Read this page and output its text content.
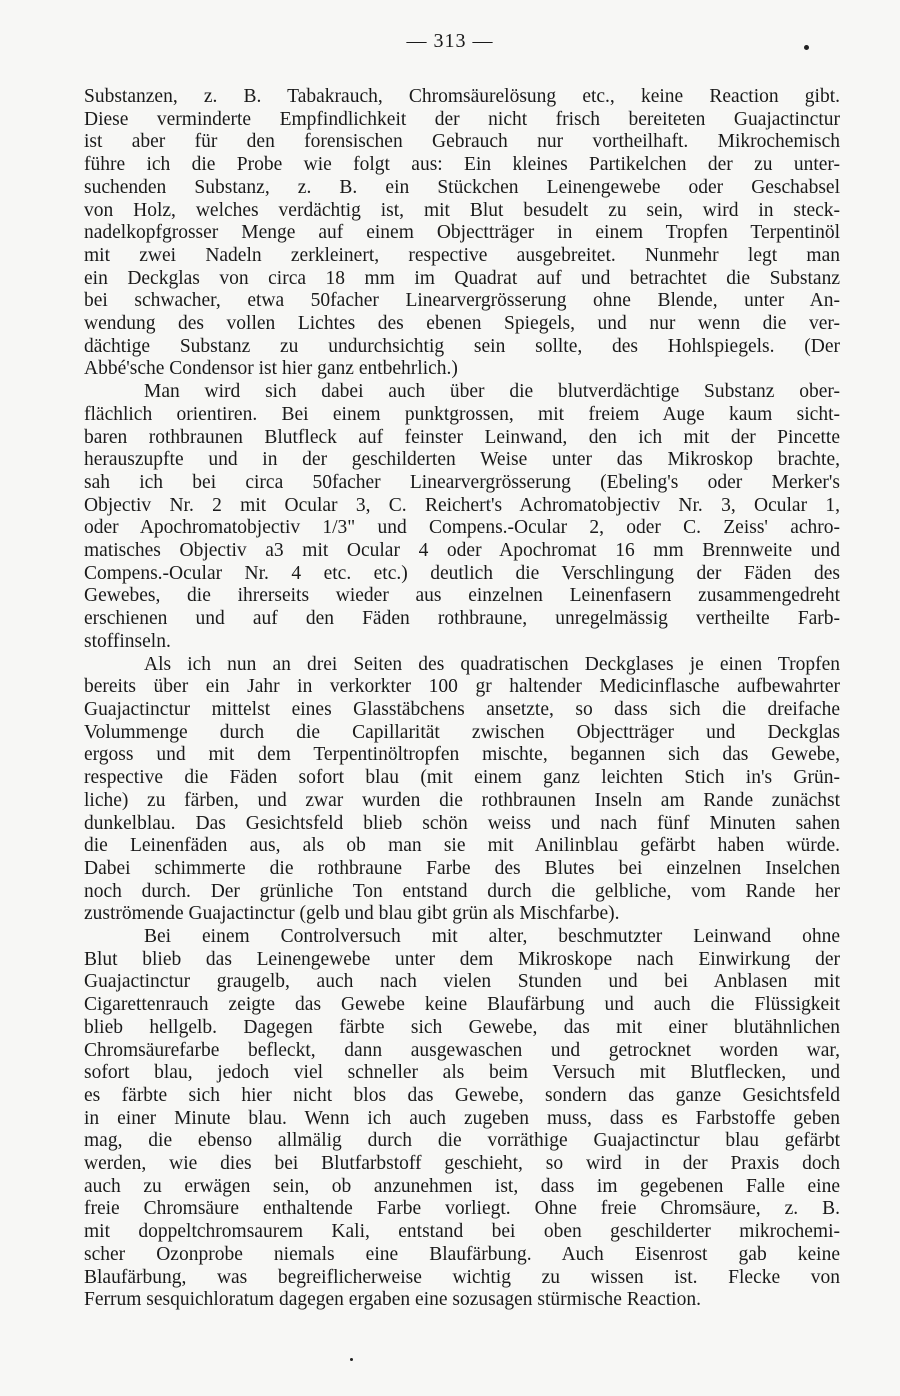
— 313 —
Substanzen, z. B. Tabakrauch, Chromsäurelösung etc., keine Reaction gibt.
Diese verminderte Empfindlichkeit der nicht frisch bereiteten Guajactinctur
ist aber für den forensischen Gebrauch nur vortheilhaft. Mikrochemisch
führe ich die Probe wie folgt aus: Ein kleines Partikelchen der zu unter-
suchenden Substanz, z. B. ein Stückchen Leinengewebe oder Geschabsel
von Holz, welches verdächtig ist, mit Blut besudelt zu sein, wird in steck-
nadelkopfgrosser Menge auf einem Objectträger in einem Tropfen Terpentinöl
mit zwei Nadeln zerkleinert, respective ausgebreitet. Nunmehr legt man
ein Deckglas von circa 18 mm im Quadrat auf und betrachtet die Substanz
bei schwacher, etwa 50facher Linearvergrösserung ohne Blende, unter An-
wendung des vollen Lichtes des ebenen Spiegels, und nur wenn die ver-
dächtige Substanz zu undurchsichtig sein sollte, des Hohlspiegels. (Der
Abbé'sche Condensor ist hier ganz entbehrlich.)
Man wird sich dabei auch über die blutverdächtige Substanz ober-
flächlich orientiren. Bei einem punktgrossen, mit freiem Auge kaum sicht-
baren rothbraunen Blutfleck auf feinster Leinwand, den ich mit der Pincette
herauszupfte und in der geschilderten Weise unter das Mikroskop brachte,
sah ich bei circa 50facher Linearvergrösserung (Ebeling's oder Merker's
Objectiv Nr. 2 mit Ocular 3, C. Reichert's Achromatobjectiv Nr. 3, Ocular 1,
oder Apochromatobjectiv 1/3" und Compens.-Ocular 2, oder C. Zeiss' achro-
matisches Objectiv a3 mit Ocular 4 oder Apochromat 16 mm Brennweite und
Compens.-Ocular Nr. 4 etc. etc.) deutlich die Verschlingung der Fäden des
Gewebes, die ihrerseits wieder aus einzelnen Leinenfasern zusammengedreht
erschienen und auf den Fäden rothbraune, unregelmässig vertheilte Farb-
stoffinseln.
Als ich nun an drei Seiten des quadratischen Deckglases je einen Tropfen
bereits über ein Jahr in verkorkter 100 gr haltender Medicinflasche aufbewahrter
Guajactinctur mittelst eines Glasstäbchens ansetzte, so dass sich die dreifache
Volummenge durch die Capillarität zwischen Objectträger und Deckglas
ergoss und mit dem Terpentinöltropfen mischte, begannen sich das Gewebe,
respective die Fäden sofort blau (mit einem ganz leichten Stich in's Grün-
liche) zu färben, und zwar wurden die rothbraunen Inseln am Rande zunächst
dunkelblau. Das Gesichtsfeld blieb schön weiss und nach fünf Minuten sahen
die Leinenfäden aus, als ob man sie mit Anilinblau gefärbt haben würde.
Dabei schimmerte die rothbraune Farbe des Blutes bei einzelnen Inselchen
noch durch. Der grünliche Ton entstand durch die gelbliche, vom Rande her
zuströmende Guajactinctur (gelb und blau gibt grün als Mischfarbe).
Bei einem Controlversuch mit alter, beschmutzter Leinwand ohne
Blut blieb das Leinengewebe unter dem Mikroskope nach Einwirkung der
Guajactinctur graugelb, auch nach vielen Stunden und bei Anblasen mit
Cigarettenrauch zeigte das Gewebe keine Blaufärbung und auch die Flüssigkeit
blieb hellgelb. Dagegen färbte sich Gewebe, das mit einer blutähnlichen
Chromsäurefarbe befleckt, dann ausgewaschen und getrocknet worden war,
sofort blau, jedoch viel schneller als beim Versuch mit Blutflecken, und
es färbte sich hier nicht blos das Gewebe, sondern das ganze Gesichtsfeld
in einer Minute blau. Wenn ich auch zugeben muss, dass es Farbstoffe geben
mag, die ebenso allmälig durch die vorräthige Guajactinctur blau gefärbt
werden, wie dies bei Blutfarbstoff geschieht, so wird in der Praxis doch
auch zu erwägen sein, ob anzunehmen ist, dass im gegebenen Falle eine
freie Chromsäure enthaltende Farbe vorliegt. Ohne freie Chromsäure, z. B.
mit doppeltchromsaurem Kali, entstand bei oben geschilderter mikrochemi-
scher Ozonprobe niemals eine Blaufärbung. Auch Eisenrost gab keine
Blaufärbung, was begreiflicherweise wichtig zu wissen ist. Flecke von
Ferrum sesquichloratum dagegen ergaben eine sozusagen stürmische Reaction.
